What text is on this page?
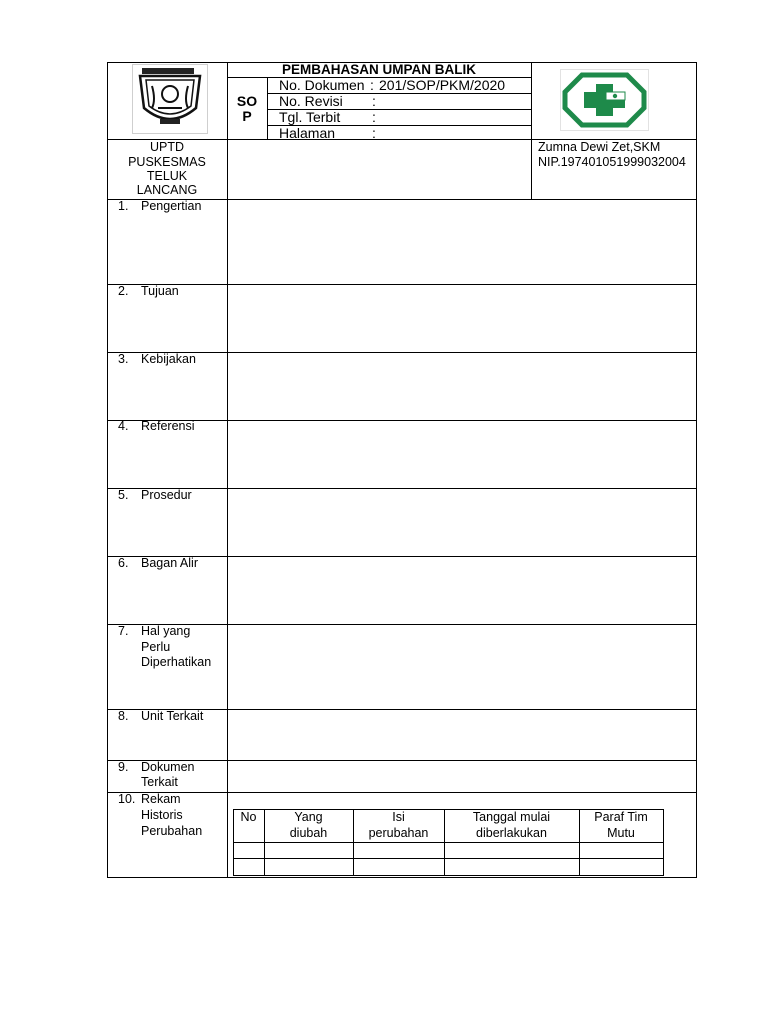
PEMBAHASAN UMPAN BALIK
SO
P
No. Dokumen : 201/SOP/PKM/2020
No. Revisi :
Tgl. Terbit :
Halaman	:
UPTD
PUSKESMAS
TELUK
LANCANG
Zumna Dewi Zet,SKM
NIP.197401051999032004
1. Pengertian
2. Tujuan
3. Kebijakan
4. Referensi
5. Prosedur
6. Bagan Alir
7. Hal yang
Perlu
Diperhatikan
8. Unit Terkait
9. Dokumen
Terkait
10. Rekam
Historis
Perubahan
No	Yang
diubah
Isi
perubahan
Tanggal mulai
diberlakukan
Paraf Tim
Mutu
